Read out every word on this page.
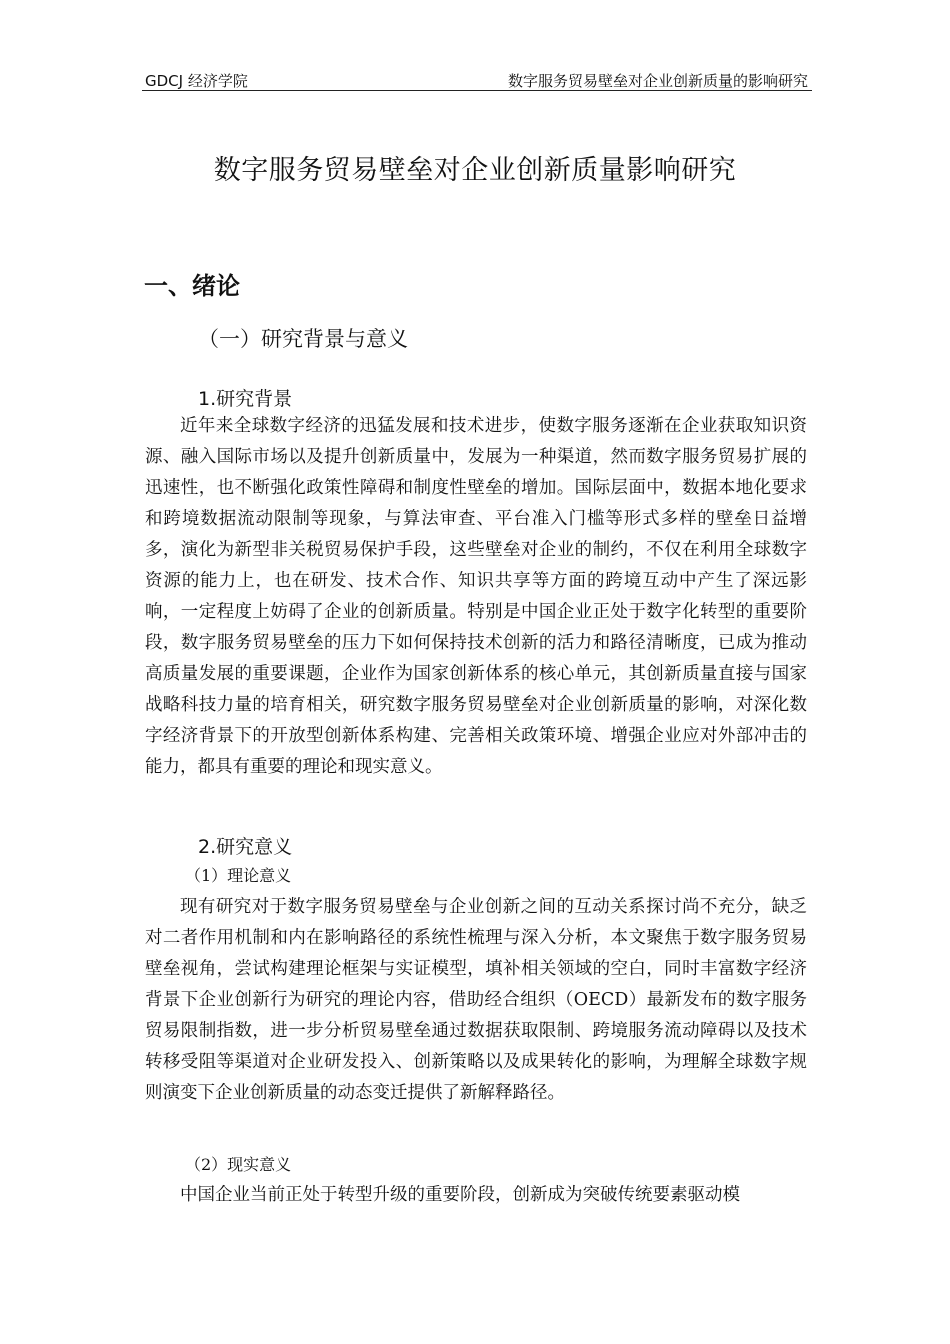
GDCJ 经济学院	数字服务贸易壁垒对企业创新质量的影响研究
数字服务贸易壁垒对企业创新质量影响研究
一、绪论
（一）研究背景与意义
1.研究背景

近年来全球数字经济的迅猛发展和技术进步，使数字服务逐渐在企业获取知识资源、融入国际市场以及提升创新质量中，发展为一种渠道，然而数字服务贸易扩展的迅速性，也不断强化政策性障碍和制度性壁垒的增加。国际层面中，数据本地化要求和跨境数据流动限制等现象，与算法审查、平台准入门槛等形式多样的壁垒日益增多，演化为新型非关税贸易保护手段，这些壁垒对企业的制约，不仅在利用全球数字资源的能力上，也在研发、技术合作、知识共享等方面的跨境互动中产生了深远影响，一定程度上妨碍了企业的创新质量。特别是中国企业正处于数字化转型的重要阶段，数字服务贸易壁垒的压力下如何保持技术创新的活力和路径清晰度，已成为推动高质量发展的重要课题，企业作为国家创新体系的核心单元，其创新质量直接与国家战略科技力量的培育相关，研究数字服务贸易壁垒对企业创新质量的影响，对深化数字经济背景下的开放型创新体系构建、完善相关政策环境、增强企业应对外部冲击的能力，都具有重要的理论和现实意义。

2.研究意义
（1）理论意义

现有研究对于数字服务贸易壁垒与企业创新之间的互动关系探讨尚不充分，缺乏对二者作用机制和内在影响路径的系统性梳理与深入分析，本文聚焦于数字服务贸易壁垒视角，尝试构建理论框架与实证模型，填补相关领域的空白，同时丰富数字经济背景下企业创新行为研究的理论内容，借助经合组织（OECD）最新发布的数字服务贸易限制指数，进一步分析贸易壁垒通过数据获取限制、跨境服务流动障碍以及技术转移受阻等渠道对企业研发投入、创新策略以及成果转化的影响，为理解全球数字规则演变下企业创新质量的动态变迁提供了新解释路径。

（2）现实意义

中国企业当前正处于转型升级的重要阶段，创新成为突破传统要素驱动模
